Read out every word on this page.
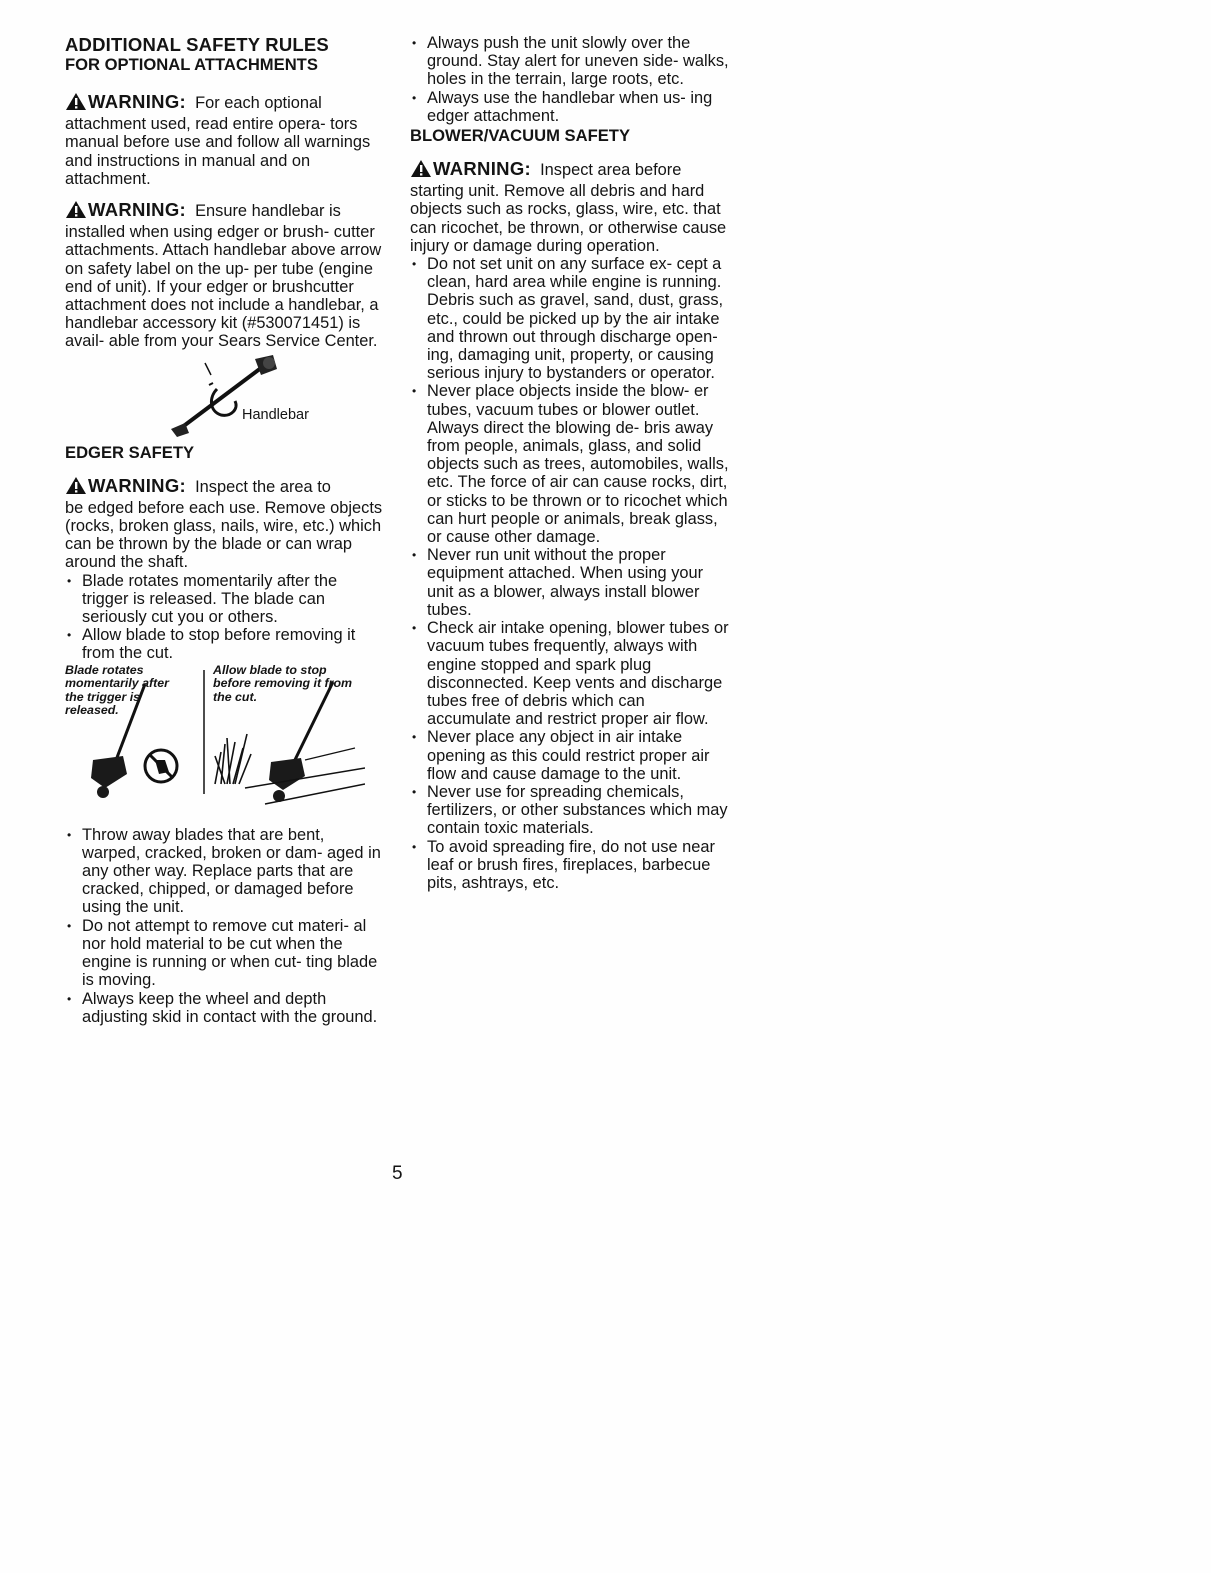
ADDITIONAL SAFETY RULES

FOR OPTIONAL ATTACHMENTS

WARNING: For each optional

attachment used, read entire opera- tors manual before use and follow all warnings and instructions in manual and on attachment.

WARNING: Ensure handlebar is

installed when using edger or brush- cutter attachments. Attach handlebar above arrow on safety label on the up- per tube (engine end of unit). If your edger or brushcutter attachment does not include a handlebar, a handlebar accessory kit (#530071451) is avail- able from your Sears Service Center.

Handlebar

EDGER SAFETY

WARNING: Inspect the area to

be edged before each use. Remove objects (rocks, broken glass, nails, wire, etc.) which can be thrown by the blade or can wrap around the shaft.

• Blade rotates momentarily after the trigger is released. The blade can seriously cut you or others.
• Allow blade to stop before removing it from the cut.
Blade rotates momentarily after the trigger is released.
Allow blade to stop before removing it from the cut.
• Throw away blades that are bent, warped, cracked, broken or dam- aged in any other way. Replace parts that are cracked, chipped, or damaged before using the unit.
• Do not attempt to remove cut materi- al nor hold material to be cut when the engine is running or when cut- ting blade is moving.
• Always keep the wheel and depth adjusting skid in contact with the ground.
• Always push the unit slowly over the ground. Stay alert for uneven side- walks, holes in the terrain, large roots, etc.
• Always use the handlebar when us- ing edger attachment.

BLOWER/VACUUM SAFETY

WARNING: Inspect area before

starting unit. Remove all debris and hard objects such as rocks, glass, wire, etc. that can ricochet, be thrown, or otherwise cause injury or damage during operation.

• Do not set unit on any surface ex- cept a clean, hard area while engine is running. Debris such as gravel, sand, dust, grass, etc., could be picked up by the air intake and thrown out through discharge open- ing, damaging unit, property, or causing serious injury to bystanders or operator.
• Never place objects inside the blow- er tubes, vacuum tubes or blower outlet. Always direct the blowing de- bris away from people, animals, glass, and solid objects such as trees, automobiles, walls, etc. The force of air can cause rocks, dirt, or sticks to be thrown or to ricochet which can hurt people or animals, break glass, or cause other damage.
• Never run unit without the proper equipment attached. When using your unit as a blower, always install blower tubes.
• Check air intake opening, blower tubes or vacuum tubes frequently, always with engine stopped and spark plug disconnected. Keep vents and discharge tubes free of debris which can accumulate and restrict proper air flow.
• Never place any object in air intake opening as this could restrict proper air flow and cause damage to the unit.
• Never use for spreading chemicals, fertilizers, or other substances which may contain toxic materials.
• To avoid spreading fire, do not use near leaf or brush fires, fireplaces, barbecue pits, ashtrays, etc.
5
